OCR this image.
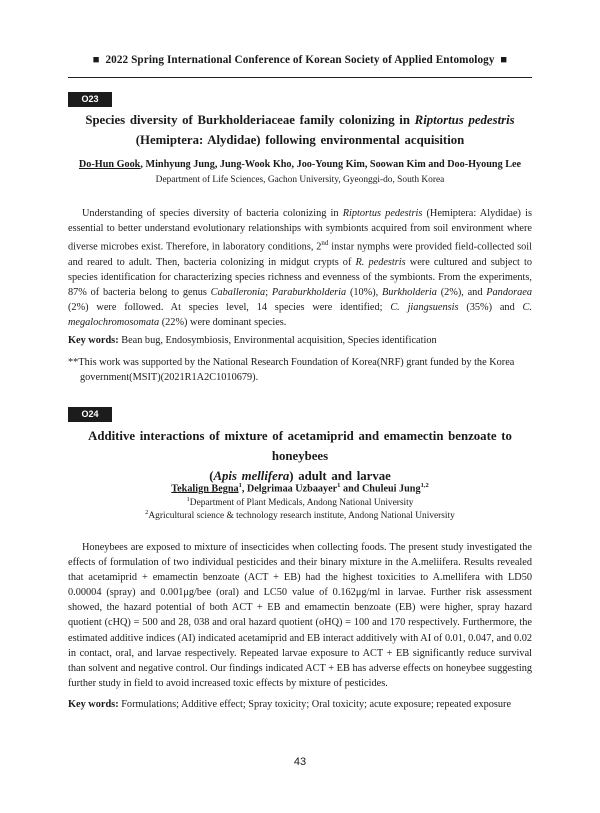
■ 2022 Spring International Conference of Korean Society of Applied Entomology ■
O23
Species diversity of Burkholderiaceae family colonizing in Riptortus pedestris
(Hemiptera: Alydidae) following environmental acquisition
Do-Hun Gook, Minhyung Jung, Jung-Wook Kho, Joo-Young Kim, Soowan Kim and Doo-Hyoung Lee
Department of Life Sciences, Gachon University, Gyeonggi-do, South Korea

Understanding of species diversity of bacteria colonizing in Riptortus pedestris (Hemiptera: Alydidae) is essential to better understand evolutionary relationships with symbionts acquired from soil environment where diverse microbes exist. Therefore, in laboratory conditions, 2nd instar nymphs were provided field-collected soil and reared to adult. Then, bacteria colonizing in midgut crypts of R. pedestris were cultured and subject to species identification for characterizing species richness and evenness of the symbionts. From the experiments, 87% of bacteria belong to genus Caballeronia; Paraburkholderia (10%), Burkholderia (2%), and Pandoraea (2%) were followed. At species level, 14 species were identified; C. jiangsuensis (35%) and C. megalochromosomata (22%) were dominant species.

Key words: Bean bug, Endosymbiosis, Environmental acquisition, Species identification
**This work was supported by the National Research Foundation of Korea(NRF) grant funded by the Korea government(MSIT)(2021R1A2C1010679).
O24
Additive interactions of mixture of acetamiprid and emamectin benzoate to honeybees
(Apis mellifera) adult and larvae
Tekalign Begna$^1$, Delgrimaa Uzbaayer$^1$ and Chuleui Jung$^{1,2}$
$^1$Department of Plant Medicals, Andong National University
$^2$Agricultural science & technology research institute, Andong National University

Honeybees are exposed to mixture of insecticides when collecting foods. The present study investigated the effects of formulation of two individual pesticides and their binary mixture in the A.meliifera. Results revealed that acetamiprid + emamectin benzoate (ACT + EB) had the highest toxicities to A.mellifera with LD50 0.00004 (spray) and 0.001μg/bee (oral) and LC50 value of 0.162μg/ml in larvae. Further risk assessment showed, the hazard potential of both ACT + EB and emamectin benzoate (EB) were higher, spray hazard quotient (cHQ) = 500 and 28, 038 and oral hazard quotient (oHQ) = 100 and 170 respectively. Furthermore, the estimated additive indices (AI) indicated acetamiprid and EB interact additively with AI of 0.01, 0.047, and 0.02 in contact, oral, and larvae respectively. Repeated larvae exposure to ACT + EB significantly reduce survival than solvent and negative control. Our findings indicated ACT + EB has adverse effects on honeybee suggesting further study in field to avoid increased toxic effects by mixture of pesticides.

Key words: Formulations; Additive effect; Spray toxicity; Oral toxicity; acute exposure; repeated exposure
43
